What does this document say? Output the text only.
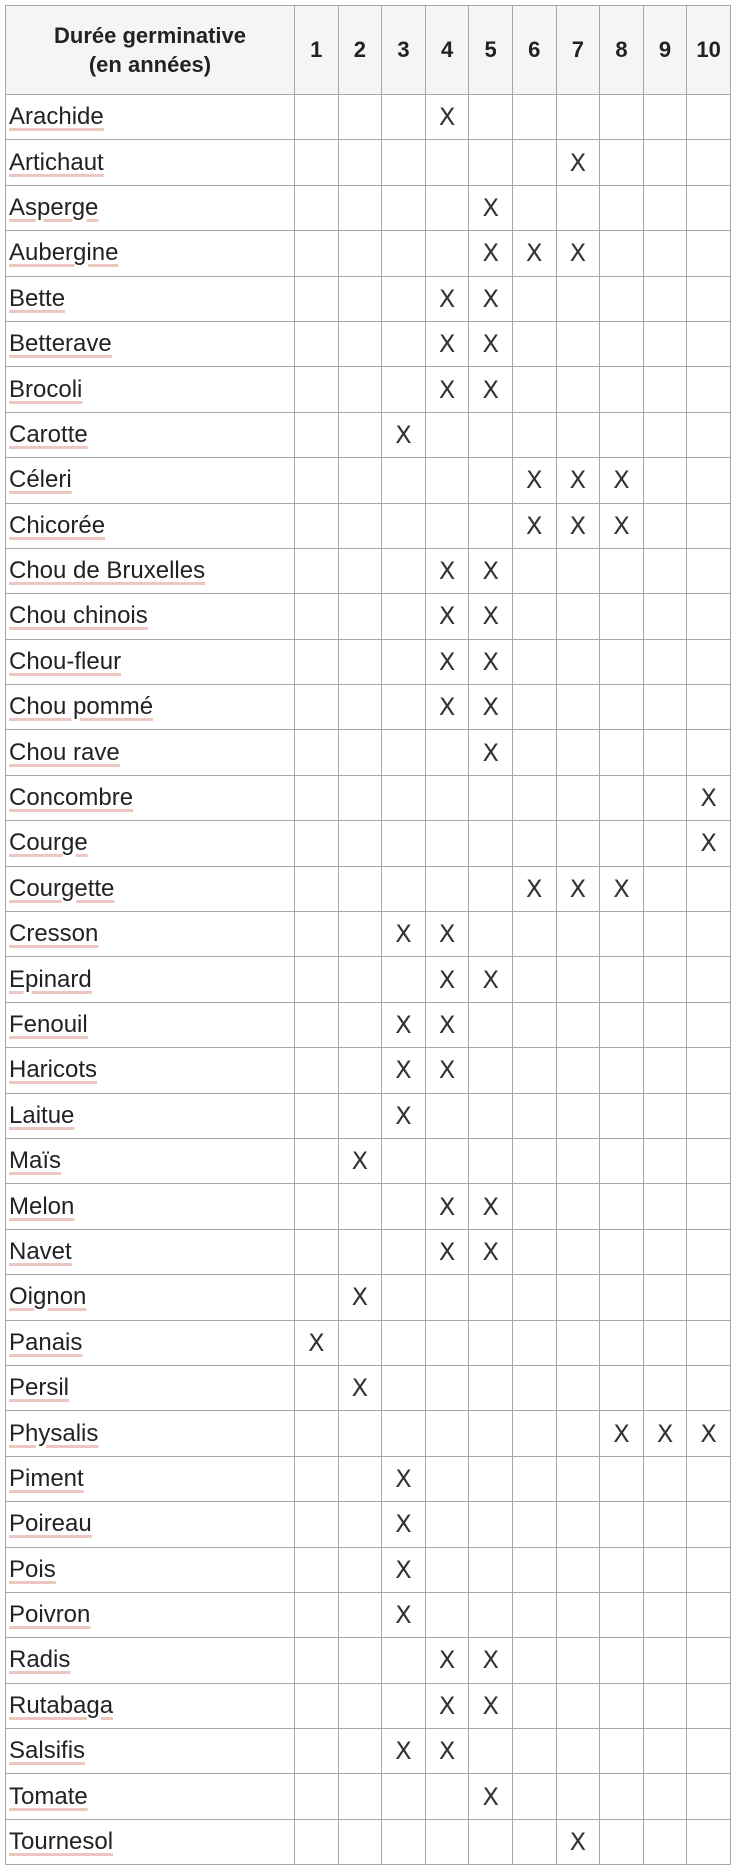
Durée germinative
(en années)	1	2	3	4	5	6	7	8	9	10
Arachide				X						
Artichaut							X			
Asperge					X					
Aubergine					X	X	X			
Bette				X	X					
Betterave				X	X					
Brocoli				X	X					
Carotte			X							
Céleri						X	X	X		
Chicorée						X	X	X		
Chou de Bruxelles				X	X					
Chou chinois				X	X					
Chou-fleur				X	X					
Chou pommé				X	X					
Chou rave					X					
Concombre										X
Courge										X
Courgette						X	X	X		
Cresson			X	X						
Epinard				X	X					
Fenouil			X	X						
Haricots			X	X						
Laitue			X							
Maïs		X								
Melon				X	X					
Navet				X	X					
Oignon		X								
Panais	X									
Persil		X								
Physalis								X	X	X
Piment			X							
Poireau			X							
Pois			X							
Poivron			X							
Radis				X	X					
Rutabaga				X	X					
Salsifis			X	X						
Tomate					X					
Tournesol							X			
